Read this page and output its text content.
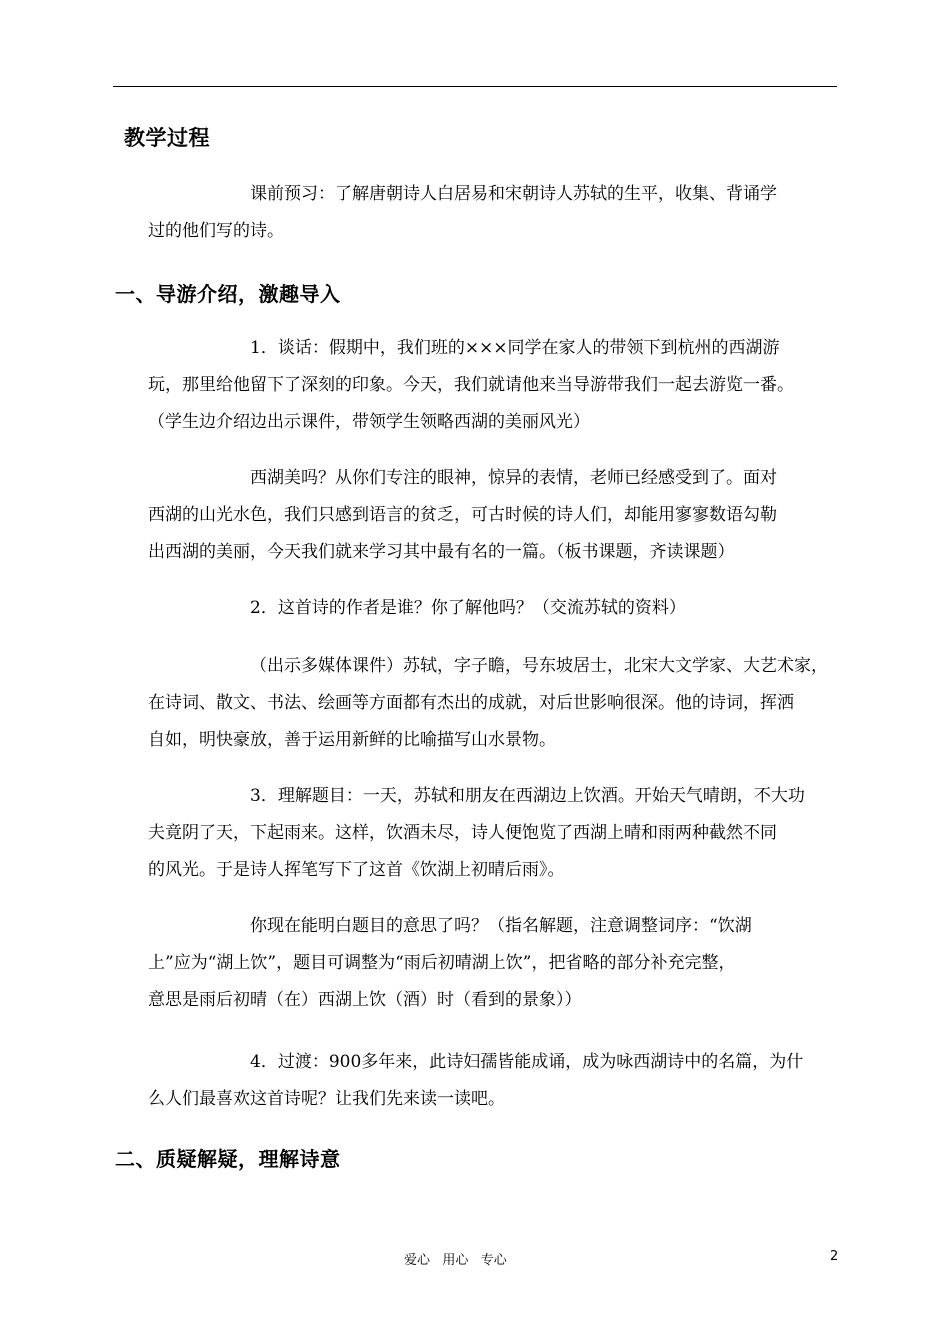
教学过程
课前预习：了解唐朝诗人白居易和宋朝诗人苏轼的生平，收集、背诵学
过的他们写的诗。
一、导游介绍，激趣导入
1．谈话：假期中，我们班的×××同学在家人的带领下到杭州的西湖游
玩，那里给他留下了深刻的印象。今天，我们就请他来当导游带我们一起去游览一番。
（学生边介绍边出示课件，带领学生领略西湖的美丽风光）
西湖美吗？从你们专注的眼神，惊异的表情，老师已经感受到了。面对
西湖的山光水色，我们只感到语言的贫乏，可古时候的诗人们，却能用寥寥数语勾勒
出西湖的美丽，今天我们就来学习其中最有名的一篇。（板书课题，齐读课题）
2．这首诗的作者是谁？你了解他吗？（交流苏轼的资料）
（出示多媒体课件）苏轼，字子瞻，号东坡居士，北宋大文学家、大艺术家，
在诗词、散文、书法、绘画等方面都有杰出的成就，对后世影响很深。他的诗词，挥洒
自如，明快豪放，善于运用新鲜的比喻描写山水景物。
3．理解题目：一天，苏轼和朋友在西湖边上饮酒。开始天气晴朗，不大功
夫竟阴了天，下起雨来。这样，饮酒未尽，诗人便饱览了西湖上晴和雨两种截然不同
的风光。于是诗人挥笔写下了这首《饮湖上初晴后雨》。
你现在能明白题目的意思了吗？（指名解题，注意调整词序：“饮湖
上”应为“湖上饮”，题目可调整为“雨后初晴湖上饮”，把省略的部分补充完整，
意思是雨后初晴（在）西湖上饮（酒）时（看到的景象））
4．过渡：900多年来，此诗妇孺皆能成诵，成为咏西湖诗中的名篇，为什
么人们最喜欢这首诗呢？让我们先来读一读吧。
二、质疑解疑，理解诗意
爱心   用心   专心	2
